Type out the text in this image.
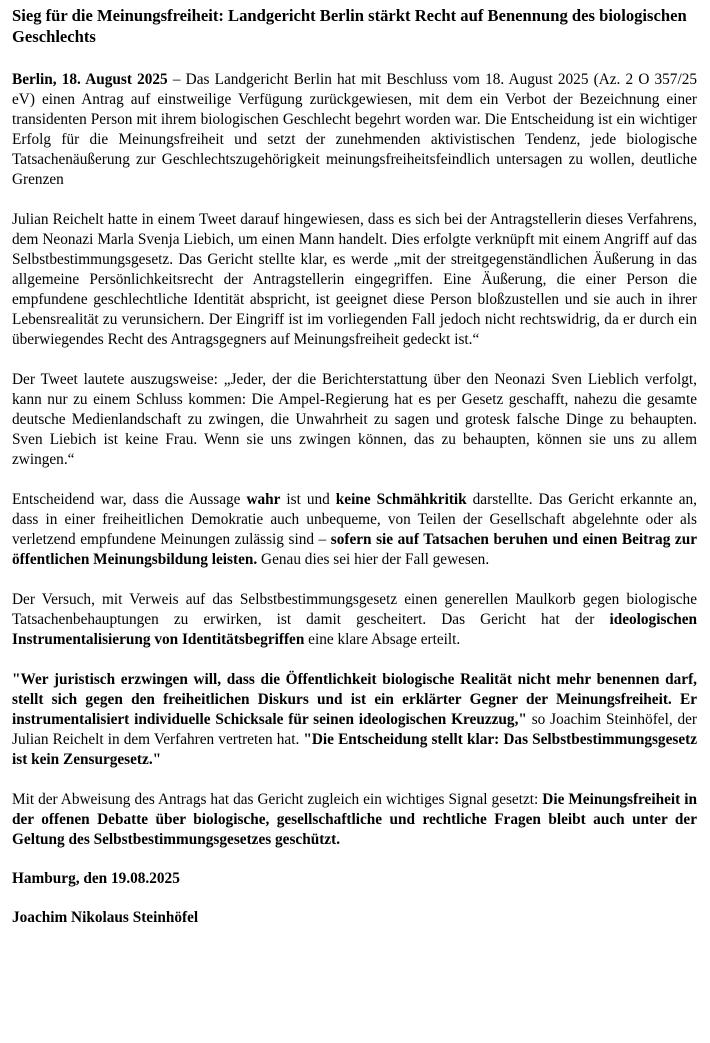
Sieg für die Meinungsfreiheit: Landgericht Berlin stärkt Recht auf Benennung des biologischen Geschlechts

Berlin, 18. August 2025 – Das Landgericht Berlin hat mit Beschluss vom 18. August 2025 (Az. 2 O 357/25 eV) einen Antrag auf einstweilige Verfügung zurückgewiesen, mit dem ein Verbot der Bezeichnung einer transidenten Person mit ihrem biologischen Geschlecht begehrt worden war. Die Entscheidung ist ein wichtiger Erfolg für die Meinungsfreiheit und setzt der zunehmenden aktivistischen Tendenz, jede biologische Tatsachenäußerung zur Geschlechtszugehörigkeit meinungsfreiheitsfeindlich untersagen zu wollen, deutliche Grenzen

Julian Reichelt hatte in einem Tweet darauf hingewiesen, dass es sich bei der Antragstellerin dieses Verfahrens, dem Neonazi Marla Svenja Liebich, um einen Mann handelt. Dies erfolgte verknüpft mit einem Angriff auf das Selbstbestimmungsgesetz. Das Gericht stellte klar, es werde „mit der streitgegenständlichen Äußerung in das allgemeine Persönlichkeitsrecht der Antragstellerin eingegriffen. Eine Äußerung, die einer Person die empfundene geschlechtliche Identität abspricht, ist geeignet diese Person bloßzustellen und sie auch in ihrer Lebensrealität zu verunsichern. Der Eingriff ist im vorliegenden Fall jedoch nicht rechtswidrig, da er durch ein überwiegendes Recht des Antragsgegners auf Meinungsfreiheit gedeckt ist.“

Der Tweet lautete auszugsweise: „Jeder, der die Berichterstattung über den Neonazi Sven Lieblich verfolgt, kann nur zu einem Schluss kommen: Die Ampel-Regierung hat es per Gesetz geschafft, nahezu die gesamte deutsche Medienlandschaft zu zwingen, die Unwahrheit zu sagen und grotesk falsche Dinge zu behaupten. Sven Liebich ist keine Frau. Wenn sie uns zwingen können, das zu behaupten, können sie uns zu allem zwingen.“

Entscheidend war, dass die Aussage wahr ist und keine Schmähkritik darstellte. Das Gericht erkannte an, dass in einer freiheitlichen Demokratie auch unbequeme, von Teilen der Gesellschaft abgelehnte oder als verletzend empfundene Meinungen zulässig sind – sofern sie auf Tatsachen beruhen und einen Beitrag zur öffentlichen Meinungsbildung leisten. Genau dies sei hier der Fall gewesen.

Der Versuch, mit Verweis auf das Selbstbestimmungsgesetz einen generellen Maulkorb gegen biologische Tatsachenbehauptungen zu erwirken, ist damit gescheitert. Das Gericht hat der ideologischen Instrumentalisierung von Identitätsbegriffen eine klare Absage erteilt.

"Wer juristisch erzwingen will, dass die Öffentlichkeit biologische Realität nicht mehr benennen darf, stellt sich gegen den freiheitlichen Diskurs und ist ein erklärter Gegner der Meinungsfreiheit. Er instrumentalisiert individuelle Schicksale für seinen ideologischen Kreuzzug," so Joachim Steinhöfel, der Julian Reichelt in dem Verfahren vertreten hat. "Die Entscheidung stellt klar: Das Selbstbestimmungsgesetz ist kein Zensurgesetz."

Mit der Abweisung des Antrags hat das Gericht zugleich ein wichtiges Signal gesetzt: Die Meinungsfreiheit in der offenen Debatte über biologische, gesellschaftliche und rechtliche Fragen bleibt auch unter der Geltung des Selbstbestimmungsgesetzes geschützt.

Hamburg, den 19.08.2025

Joachim Nikolaus Steinhöfel
